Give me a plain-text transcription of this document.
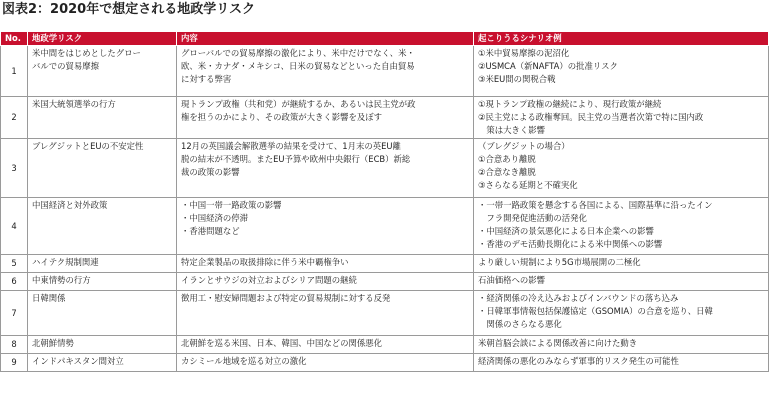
図表2：2020年で想定される地政学リスク
No.	地政学リスク	内容	起こりうるシナリオ例
1	米中間をはじめとしたグロー
バルでの貿易摩擦	グローバルでの貿易摩擦の激化により、米中だけでなく、米・
欧、米・カナダ・メキシコ、日米の貿易などといった自由貿易
に対する弊害	①米中貿易摩擦の泥沼化
②USMCA（新NAFTA）の批准リスク
③米EU間の関税合戦

2	米国大統領選挙の行方	現トランプ政権（共和党）が継続するか、あるいは民主党が政
権を担うのかにより、その政策が大きく影響を及ぼす	①現トランプ政権の継続により、現行政策が継続
②民主党による政権奪回。民主党の当選者次第で特に国内政
　策は大きく影響

3	ブレグジットとEUの不安定性	12月の英国議会解散選挙の結果を受けて、1月末の英EU離
脱の結末が不透明。またEU予算や欧州中央銀行（ECB）新総
裁の政策の影響	（ブレグジットの場合）
①合意あり離脱
②合意なき離脱
③さらなる延期と不確実化

4	中国経済と対外政策	・中国一帯一路政策の影響
・中国経済の停滞
・香港問題など	・一帯一路政策を懸念する各国による、国際基準に沿ったイン
　フラ開発促進活動の活発化
・中国経済の景気悪化による日本企業への影響
・香港のデモ活動長期化による米中関係への影響

5	ハイテク規制関連	特定企業製品の取扱排除に伴う米中覇権争い	より厳しい規制により5G市場展開の二極化

6	中東情勢の行方	イランとサウジの対立およびシリア問題の継続	石油価格への影響

7	日韓関係	徴用工・慰安婦問題および特定の貿易規制に対する反発	・経済関係の冷え込みおよびインバウンドの落ち込み
・日韓軍事情報包括保護協定（GSOMIA）の合意を巡り、日韓
　関係のさらなる悪化

8	北朝鮮情勢	北朝鮮を巡る米国、日本、韓国、中国などの関係悪化	米朝首脳会談による関係改善に向けた動き

9	インドパキスタン間対立	カシミール地域を巡る対立の激化	経済関係の悪化のみならず軍事的リスク発生の可能性
